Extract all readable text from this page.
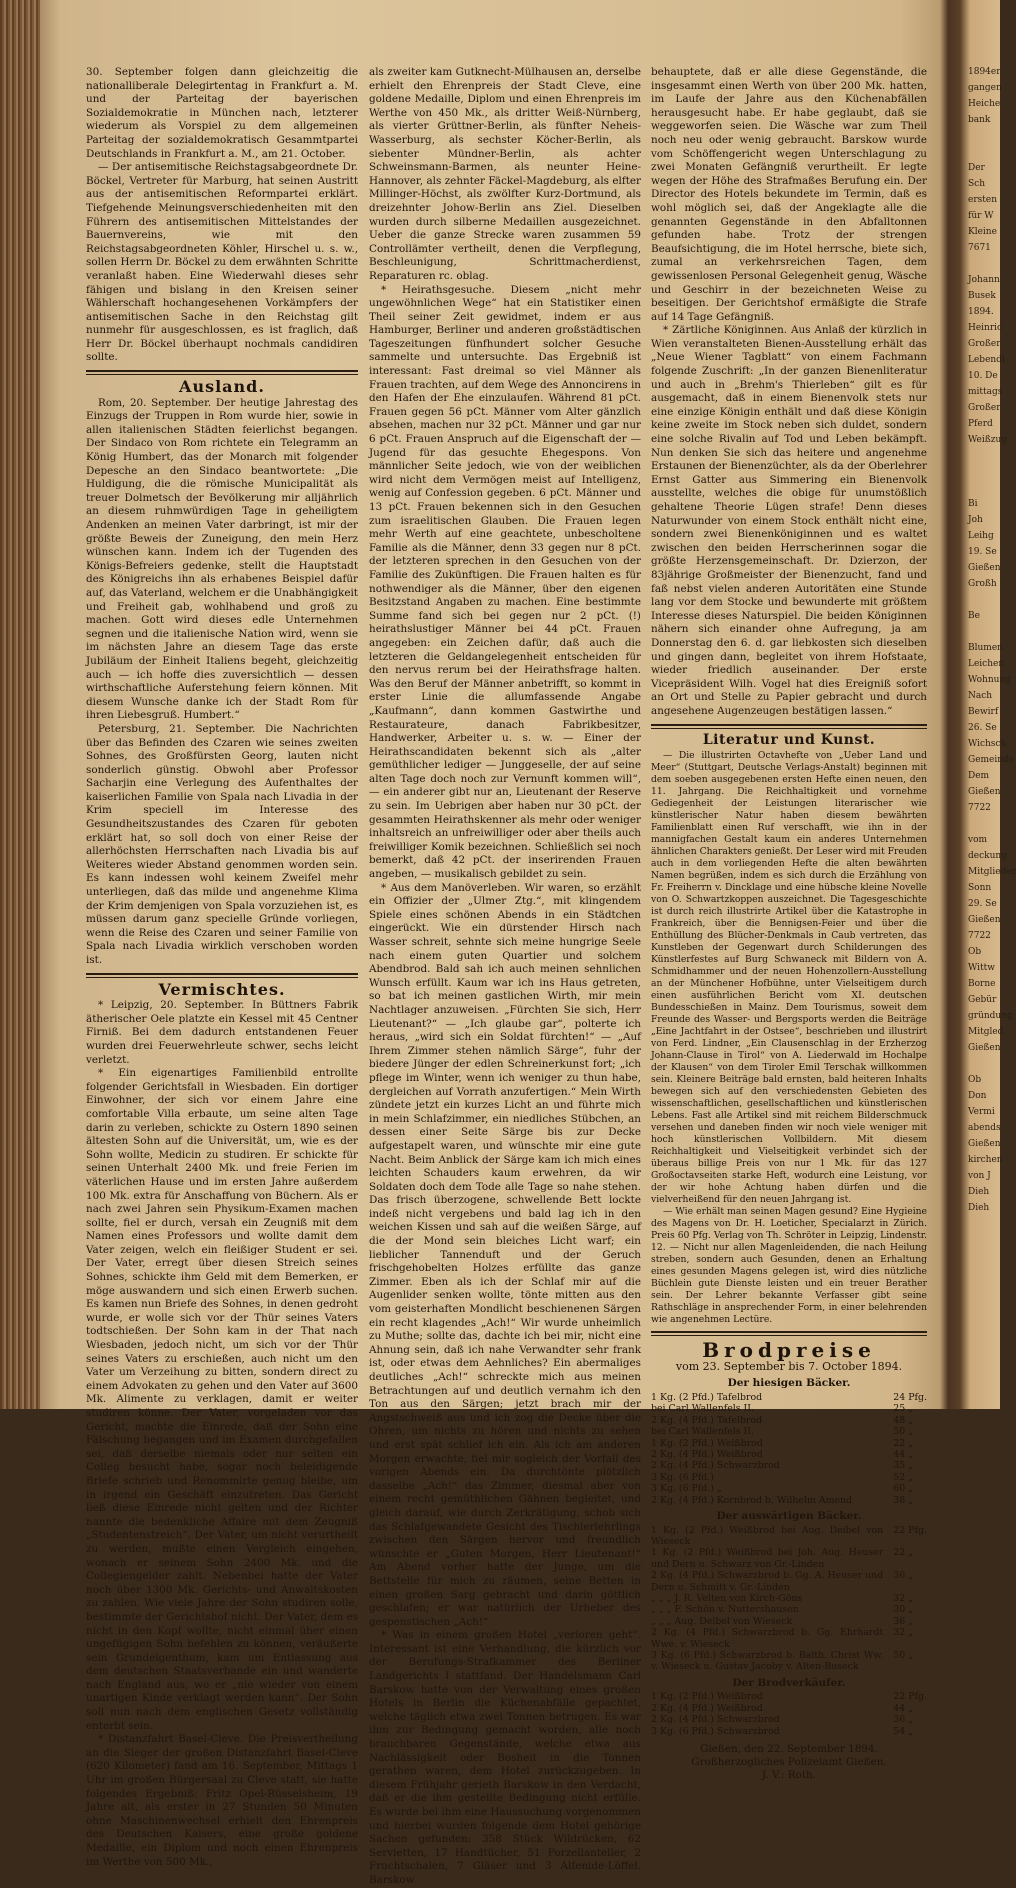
30. September folgen dann gleichzeitig die nationalliberale Delegirtentag in Frankfurt a. M. und der Parteitag der bayerischen Sozialdemokratie in München nach, letzterer wiederum als Vorspiel zu dem allgemeinen Parteitag der sozialdemokratisch Gesammtpartei Deutschlands in Frankfurt a. M., am 21. October.

— Der antisemitische Reichstagsabgeordnete Dr. Böckel, Vertreter für Marburg, hat seinen Austritt aus der antisemitischen Reformpartei erklärt. Tiefgehende Meinungsverschiedenheiten mit den Führern des antisemitischen Mittelstandes der Bauernvereins, wie mit den Reichstagsabgeordneten Köhler, Hirschel u. s. w., sollen Herrn Dr. Böckel zu dem erwähnten Schritte veranlaßt haben. Eine Wiederwahl dieses sehr fähigen und bislang in den Kreisen seiner Wählerschaft hochangesehenen Vorkämpfers der antisemitischen Sache in den Reichstag gilt nunmehr für ausgeschlossen, es ist fraglich, daß Herr Dr. Böckel überhaupt nochmals candidiren sollte.

Ausland.

Rom, 20. September. Der heutige Jahrestag des Einzugs der Truppen in Rom wurde hier, sowie in allen italienischen Städten feierlichst begangen. Der Sindaco von Rom richtete ein Telegramm an König Humbert, das der Monarch mit folgender Depesche an den Sindaco beantwortete: „Die Huldigung, die die römische Municipalität als treuer Dolmetsch der Bevölkerung mir alljährlich an diesem ruhmwürdigen Tage in geheiligtem Andenken an meinen Vater darbringt, ist mir der größte Beweis der Zuneigung, den mein Herz wünschen kann. Indem ich der Tugenden des Königs-Befreiers gedenke, stellt die Hauptstadt des Königreichs ihn als erhabenes Beispiel dafür auf, das Vaterland, welchem er die Unabhängigkeit und Freiheit gab, wohlhabend und groß zu machen. Gott wird dieses edle Unternehmen segnen und die italienische Nation wird, wenn sie im nächsten Jahre an diesem Tage das erste Jubiläum der Einheit Italiens begeht, gleichzeitig auch — ich hoffe dies zuversichtlich — dessen wirthschaftliche Auferstehung feiern können. Mit diesem Wunsche danke ich der Stadt Rom für ihren Liebesgruß. Humbert.“

Petersburg, 21. September. Die Nachrichten über das Befinden des Czaren wie seines zweiten Sohnes, des Großfürsten Georg, lauten nicht sonderlich günstig. Obwohl aber Professor Sacharjin eine Verlegung des Aufenthaltes der kaiserlichen Familie von Spala nach Livadia in der Krim speciell im Interesse des Gesundheitszustandes des Czaren für geboten erklärt hat, so soll doch von einer Reise der allerhöchsten Herrschaften nach Livadia bis auf Weiteres wieder Abstand genommen worden sein. Es kann indessen wohl keinem Zweifel mehr unterliegen, daß das milde und angenehme Klima der Krim demjenigen von Spala vorzuziehen ist, es müssen darum ganz specielle Gründe vorliegen, wenn die Reise des Czaren und seiner Familie von Spala nach Livadia wirklich verschoben worden ist.

Vermischtes.

* Leipzig, 20. September. In Büttners Fabrik ätherischer Oele platzte ein Kessel mit 45 Centner Firniß. Bei dem dadurch entstandenen Feuer wurden drei Feuerwehrleute schwer, sechs leicht verletzt.

* Ein eigenartiges Familienbild entrollte folgender Gerichtsfall in Wiesbaden. Ein dortiger Einwohner, der sich vor einem Jahre eine comfortable Villa erbaute, um seine alten Tage darin zu verleben, schickte zu Ostern 1890 seinen ältesten Sohn auf die Universität, um, wie es der Sohn wollte, Medicin zu studiren. Er schickte für seinen Unterhalt 2400 Mk. und freie Ferien im väterlichen Hause und im ersten Jahre außerdem 100 Mk. extra für Anschaffung von Büchern. Als er nach zwei Jahren sein Physikum-Examen machen sollte, fiel er durch, versah ein Zeugniß mit dem Namen eines Professors und wollte damit dem Vater zeigen, welch ein fleißiger Student er sei. Der Vater, erregt über diesen Streich seines Sohnes, schickte ihm Geld mit dem Bemerken, er möge auswandern und sich einen Erwerb suchen. Es kamen nun Briefe des Sohnes, in denen gedroht wurde, er wolle sich vor der Thür seines Vaters todtschießen. Der Sohn kam in der That nach Wiesbaden, jedoch nicht, um sich vor der Thür seines Vaters zu erschießen, auch nicht um den Vater um Verzeihung zu bitten, sondern direct zu einem Advokaten zu gehen und den Vater auf 3600 Mk. Alimente zu verklagen, damit er weiter studiren könne. Der Vater, vorgeladen vor das Gericht, machte die Einrede, daß der Sohn eine Fälschung begangen und im Examen durchgefallen sei, daß derselbe niemals oder nur selten ein Colleg besucht habe, sogar noch beleidigende Briefe schrieb und Renommirte genug bleibe, um in irgend ein Geschäft einzutreten. Das Gericht ließ diese Einrede nicht gelten und der Richter nannte die bedenkliche Affaire mit dem Zeugniß „Studentenstreich“. Der Vater, um nicht verurtheilt zu werden, mußte einen Vergleich eingehen, wonach er seinem Sohn 2400 Mk. und die Collegiengelder zahlt. Nebenbei hatte der Vater noch über 1300 Mk. Gerichts- und Anwaltskosten zu zahlen. Wie viele Jahre der Sohn studiren solle, bestimmte der Gerichtshof nicht. Der Vater, dem es nicht in den Kopf wollte, nicht einmal über einen ungefügigen Sohn befehlen zu können, veräußerte sein Grundeigenthum, kam um Entlassung aus dem deutschen Staatsverbande ein und wanderte nach England aus, wo er „nie wieder von einem unartigen Kinde verklagt werden kann“. Der Sohn soll nun nach dem englischen Gesetz vollständig enterbt sein.

* Distanzfahrt Basel-Cleve. Die Preisvertheilung an die Sieger der großen Distanzfahrt Basel-Cleve (620 Kilometer) fand am 16. September, Mittags 1 Uhr im großen Bürgersaal zu Cleve statt, sie hatte folgendes Ergebniß: Fritz Opel-Rüsselsheim, 19 Jahre alt, als erster in 27 Stunden 50 Minuten ohne Maschinenwechsel erhielt den Ehrenpreis des Deutschen Kaisers, eine große goldene Medaille, ein Diplom und noch einen Ehrenpreis im Werthe von 500 Mk.,

als zweiter kam Gutknecht-Mülhausen an, derselbe erhielt den Ehrenpreis der Stadt Cleve, eine goldene Medaille, Diplom und einen Ehrenpreis im Werthe von 450 Mk., als dritter Weiß-Nürnberg, als vierter Grüttner-Berlin, als fünfter Neheis-Wasserburg, als sechster Köcher-Berlin, als siebenter Mündner-Berlin, als achter Schweinsmann-Barmen, als neunter Heine-Hannover, als zehnter Fäckel-Magdeburg, als elfter Millinger-Höchst, als zwölfter Kurz-Dortmund, als dreizehnter Johow-Berlin ans Ziel. Dieselben wurden durch silberne Medaillen ausgezeichnet. Ueber die ganze Strecke waren zusammen 59 Controllämter vertheilt, denen die Verpflegung, Beschleunigung, Schrittmacherdienst, Reparaturen rc. oblag.

* Heirathsgesuche. Diesem „nicht mehr ungewöhnlichen Wege“ hat ein Statistiker einen Theil seiner Zeit gewidmet, indem er aus Hamburger, Berliner und anderen großstädtischen Tageszeitungen fünfhundert solcher Gesuche sammelte und untersuchte. Das Ergebniß ist interessant: Fast dreimal so viel Männer als Frauen trachten, auf dem Wege des Annoncirens in den Hafen der Ehe einzulaufen. Während 81 pCt. Frauen gegen 56 pCt. Männer vom Alter gänzlich absehen, machen nur 32 pCt. Männer und gar nur 6 pCt. Frauen Anspruch auf die Eigenschaft der — Jugend für das gesuchte Ehegespons. Von männlicher Seite jedoch, wie von der weiblichen wird nicht dem Vermögen meist auf Intelligenz, wenig auf Confession gegeben. 6 pCt. Männer und 13 pCt. Frauen bekennen sich in den Gesuchen zum israelitischen Glauben. Die Frauen legen mehr Werth auf eine geachtete, unbescholtene Familie als die Männer, denn 33 gegen nur 8 pCt. der letzteren sprechen in den Gesuchen von der Familie des Zukünftigen. Die Frauen halten es für nothwendiger als die Männer, über den eigenen Besitzstand Angaben zu machen. Eine bestimmte Summe fand sich bei gegen nur 2 pCt. (!) heirathslustiger Männer bei 44 pCt. Frauen angegeben: ein Zeichen dafür, daß auch die letzteren die Geldangelegenheit entscheiden für den nervus rerum bei der Heirathsfrage halten. Was den Beruf der Männer anbetrifft, so kommt in erster Linie die allumfassende Angabe „Kaufmann“, dann kommen Gastwirthe und Restaurateure, danach Fabrikbesitzer, Handwerker, Arbeiter u. s. w. — Einer der Heirathscandidaten bekennt sich als „alter gemüthlicher lediger — Junggeselle, der auf seine alten Tage doch noch zur Vernunft kommen will“, — ein anderer gibt nur an, Lieutenant der Reserve zu sein. Im Uebrigen aber haben nur 30 pCt. der gesammten Heirathskenner als mehr oder weniger inhaltsreich an unfreiwilliger oder aber theils auch freiwilliger Komik bezeichnen. Schließlich sei noch bemerkt, daß 42 pCt. der inserirenden Frauen angeben, — musikalisch gebildet zu sein.

* Aus dem Manöverleben. Wir waren, so erzählt ein Offizier der „Ulmer Ztg.“, mit klingendem Spiele eines schönen Abends in ein Städtchen eingerückt. Wie ein dürstender Hirsch nach Wasser schreit, sehnte sich meine hungrige Seele nach einem guten Quartier und solchem Abendbrod. Bald sah ich auch meinen sehnlichen Wunsch erfüllt. Kaum war ich ins Haus getreten, so bat ich meinen gastlichen Wirth, mir mein Nachtlager anzuweisen. „Fürchten Sie sich, Herr Lieutenant?“ — „Ich glaube gar“, polterte ich heraus, „wird sich ein Soldat fürchten!“ — „Auf Ihrem Zimmer stehen nämlich Särge“, fuhr der biedere Jünger der edlen Schreinerkunst fort; „ich pflege im Winter, wenn ich weniger zu thun habe, dergleichen auf Vorrath anzufertigen.“ Mein Wirth zündete jetzt ein kurzes Licht an und führte mich in mein Schlafzimmer, ein niedliches Stübchen, an dessen einer Seite Särge bis zur Decke aufgestapelt waren, und wünschte mir eine gute Nacht. Beim Anblick der Särge kam ich mich eines leichten Schauders kaum erwehren, da wir Soldaten doch dem Tode alle Tage so nahe stehen. Das frisch überzogene, schwellende Bett lockte indeß nicht vergebens und bald lag ich in den weichen Kissen und sah auf die weißen Särge, auf die der Mond sein bleiches Licht warf; ein lieblicher Tannenduft und der Geruch frischgehobelten Holzes erfüllte das ganze Zimmer. Eben als ich der Schlaf mir auf die Augenlider senken wollte, tönte mitten aus den vom geisterhaften Mondlicht beschienenen Särgen ein recht klagendes „Ach!“ Wir wurde unheimlich zu Muthe; sollte das, dachte ich bei mir, nicht eine Ahnung sein, daß ich nahe Verwandter sehr frank ist, oder etwas dem Aehnliches? Ein abermaliges deutliches „Ach!“ schreckte mich aus meinen Betrachtungen auf und deutlich vernahm ich den Ton aus den Särgen; jetzt brach mir der Angstschweiß aus und ich zog die Decke über die Ohren, um nichts zu hören und nichts zu sehen und erst spät schlief ich ein. Als ich am anderen Morgen erwachte, fiel mir sogleich der Vorfall des vorigen Abends ein. Da durchtönte plötzlich dasselbe „Ach!“ das Zimmer, diesmal aber von einem recht gemüthlichen Gähnen begleitet, und gleich darauf, wie durch Zerkrätigung, schob sich das Schlafgewandete Gesicht des Tischlerlehrlings zwischen den Särgen hervor und freundlich wünschte er „Guten Morgen, Herr Lieutenant!“ Am Abend vorher hatte der Junge, um die Bettstelle für mich zu räumen, seine Betten in einen großen Sarg gebracht und darin göttlich geschlafen; er war natürlich der Urheber des gespenstischen „Ach!“

* Was in einem großen Hotel „verloren geht“. Interessant ist eine Verhandlung, die kürzlich vor der Berufungs-Strafkammer des Berliner Landgerichts I stattfand. Der Handelsmann Carl Barskow hatte von der Verwaltung eines großen Hotels in Berlin die Küchenabfälle gepachtet, welche täglich etwa zwei Tonnen betrugen. Es war ihm zur Bedingung gemacht worden, alle noch brauchbaren Gegenstände, welche etwa aus Nachlässigkeit oder Bosheit in die Tonnen gerathen waren, dem Hotel zurückzugeben. In diesem Frühjahr gerieth Barskow in den Verdacht, daß er die ihm gestellte Bedingung nicht erfülle. Es wurde bei ihm eine Haussuchung vorgenommen und hierbei wurden folgende dem Hotel gehörige Sachen gefunden: 358 Stück Wildrücken, 62 Servietten, 17 Handtücher, 51 Porzellanteller, 2 Fruchtschalen, 7 Gläser und 3 Alfenide-Löffel. Barskow

behauptete, daß er alle diese Gegenstände, die insgesammt einen Werth von über 200 Mk. hatten, im Laufe der Jahre aus den Küchenabfällen herausgesucht habe. Er habe geglaubt, daß sie weggeworfen seien. Die Wäsche war zum Theil noch neu oder wenig gebraucht. Barskow wurde vom Schöffengericht wegen Unterschlagung zu zwei Monaten Gefängniß verurtheilt. Er legte wegen der Höhe des Strafmaßes Berufung ein. Der Director des Hotels bekundete im Termin, daß es wohl möglich sei, daß der Angeklagte alle die genannten Gegenstände in den Abfalltonnen gefunden habe. Trotz der strengen Beaufsichtigung, die im Hotel herrsche, biete sich, zumal an verkehrsreichen Tagen, dem gewissenlosen Personal Gelegenheit genug, Wäsche und Geschirr in der bezeichneten Weise zu beseitigen. Der Gerichtshof ermäßigte die Strafe auf 14 Tage Gefängniß.

* Zärtliche Königinnen. Aus Anlaß der kürzlich in Wien veranstalteten Bienen-Ausstellung erhält das „Neue Wiener Tagblatt“ von einem Fachmann folgende Zuschrift: „In der ganzen Bienenliteratur und auch in „Brehm's Thierleben“ gilt es für ausgemacht, daß in einem Bienenvolk stets nur eine einzige Königin enthält und daß diese Königin keine zweite im Stock neben sich duldet, sondern eine solche Rivalin auf Tod und Leben bekämpft. Nun denken Sie sich das heitere und angenehme Erstaunen der Bienenzüchter, als da der Oberlehrer Ernst Gatter aus Simmering ein Bienenvolk ausstellte, welches die obige für unumstößlich gehaltene Theorie Lügen strafe! Denn dieses Naturwunder von einem Stock enthält nicht eine, sondern zwei Bienenköniginnen und es waltet zwischen den beiden Herrscherinnen sogar die größte Herzensgemeinschaft. Dr. Dzierzon, der 83jährige Großmeister der Bienenzucht, fand und faß nebst vielen anderen Autoritäten eine Stunde lang vor dem Stocke und bewunderte mit größtem Interesse dieses Naturspiel. Die beiden Königinnen nähern sich einander ohne Aufregung, ja am Donnerstag den 6. d. gar liebkosten sich dieselben und gingen dann, begleitet von ihrem Hofstaate, wieder friedlich auseinander. Der erste Vicepräsident Wilh. Vogel hat dies Ereigniß sofort an Ort und Stelle zu Papier gebracht und durch angesehene Augenzeugen bestätigen lassen.“

Literatur und Kunst.

— Die illustrirten Octavhefte von „Ueber Land und Meer“ (Stuttgart, Deutsche Verlags-Anstalt) beginnen mit dem soeben ausgegebenen ersten Hefte einen neuen, den 11. Jahrgang. Die Reichhaltigkeit und vornehme Gediegenheit der Leistungen literarischer wie künstlerischer Natur haben diesem bewährten Familienblatt einen Ruf verschafft, wie ihn in der mannigfachen Gestalt kaum ein anderes Unternehmen ähnlichen Charakters genießt. Der Leser wird mit Freuden auch in dem vorliegenden Hefte die alten bewährten Namen begrüßen, indem es sich durch die Erzählung von Fr. Freiherrn v. Dincklage und eine hübsche kleine Novelle von O. Schwartzkoppen auszeichnet. Die Tagesgeschichte ist durch reich illustrirte Artikel über die Katastrophe in Frankreich, über die Bennigsen-Feier und über die Enthüllung des Blücher-Denkmals in Caub vertreten, das Kunstleben der Gegenwart durch Schilderungen des Künstlerfestes auf Burg Schwaneck mit Bildern von A. Schmidhammer und der neuen Hohenzollern-Ausstellung an der Münchener Hofbühne, unter Vielseitigem durch einen ausführlichen Bericht vom XI. deutschen Bundesschießen in Mainz. Dem Tourismus, soweit dem Freunde des Wasser- und Bergsports werden die Beiträge „Eine Jachtfahrt in der Ostsee“, beschrieben und illustrirt von Ferd. Lindner, „Ein Clausenschlag in der Erzherzog Johann-Clause in Tirol“ von A. Liederwald im Hochalpe der Klausen“ von dem Tiroler Emil Terschak willkommen sein. Kleinere Beiträge bald ernsten, bald heiteren Inhalts bewegen sich auf den verschiedensten Gebieten des wissenschaftlichen, gesellschaftlichen und künstlerischen Lebens. Fast alle Artikel sind mit reichem Bilderschmuck versehen und daneben finden wir noch viele weniger mit hoch künstlerischen Vollbildern. Mit diesem Reichhaltigkeit und Vielseitigkeit verbindet sich der überaus billige Preis von nur 1 Mk. für das 127 Großoctavseiten starke Heft, wodurch eine Leistung, vor der wir hohe Achtung haben dürfen und die vielverheißend für den neuen Jahrgang ist.

— Wie erhält man seinen Magen gesund? Eine Hygieine des Magens von Dr. H. Loeticher, Specialarzt in Zürich. Preis 60 Pfg. Verlag von Th. Schröter in Leipzig, Lindenstr. 12. — Nicht nur allen Magenleidenden, die nach Heilung streben, sondern auch Gesunden, denen an Erhaltung eines gesunden Magens gelegen ist, wird dies nützliche Büchlein gute Dienste leisten und ein treuer Berather sein. Der Lehrer bekannte Verfasser gibt seine Rathschläge in ansprechender Form, in einer belehrenden wie angenehmen Lectüre.

Brodpreise
vom 23. September bis 7. October 1894.
Der hiesigen Bäcker.
1 Kg. (2 Pfd.) Tafelbrod	24	Pfg.
bei Carl Wallenfels II.	25	„
2 Kg. (4 Pfd.) Tafelbrod	48	„
bei Carl Wallenfels II.	50	„
1 Kg. (2 Pfd.) Weißbrod	22	„
2 Kg. (4 Pfd.) Weißbrod	44	„
2 Kg. (4 Pfd.) Schwarzbrod	35	„
3 Kg. (6 Pfd.)	52	„
3 Kg. (6 Pfd.) „	60	„
2 Kg. (4 Pfd.) Kornbrod b. Wilhelm Amend	38	„
Der auswärtigen Bäcker.
1 Kg. (2 Pfd.) Weißbrod bei Aug. Deibel von Wieseck	22	Pfg.
1 Kg. (2 Pfd.) Weißbrod bei Joh. Aug. Heuser und Dern u. Schwarz von Gr.-Linden	22	„
2 Kg. (4 Pfd.) Schwarzbrod b. Gg. A. Heuser und Dern u. Schmitt v. Gr.-Linden	36	„
„ „ „ J. R. Velten von Kirch-Göns	32	„
„ „ „ F. Schön v. Nuttershausen	30	„
„ „ „ Aug. Deibel von Wieseck	36	„
2 Kg. (4 Pfd.) Schwarzbrod b. Gg. Ehrhardt Wwe. v. Wieseck	32	„
3 Kg. (6 Pfd.) Schwarzbrod b. Balth. Christ Ww. v. Wieseck u. Gustav Jacoby v. Alten-Buseck	50	„
Der Brodverkäufer.
1 Kg. (2 Pfd.) Weißbrod	22	Pfg.
2 Kg. (4 Pfd.) Weißbrod	44	„
2 Kg. (4 Pfd.) Schwarzbrod	36	„
3 Kg. (6 Pfd.) Schwarzbrod	54	„
Gießen, den 22. September 1894.
Großherzogliches Polizeiamt Gießen.
J. V.: Roth.
1894er
gangen
Heiche
bank

Der
Sch
ersten
für W
Kleine
7671

Johann
Busek
1894.
Heinric
Großer
Lebendi
10. De
mittags
Großer
Pferd
Weißzug

Bi
Joh
Leihg
19. Se
Gießen
Großh

Be

Blumen
Leichen
Wohnung
Nach
Bewirf
26. Se
Wichsch
Gemeinde
Dem
Gießen
7722

vom
deckung
Mitglieder
Sonn
29. Se
Gießen
7722
Ob
Wittw
Borne
Gebür
gründung
Mitgled
Gießen

Ob
Don
Vermi
abends
Gießen
kirchen
von J
Dieh
Dieh
